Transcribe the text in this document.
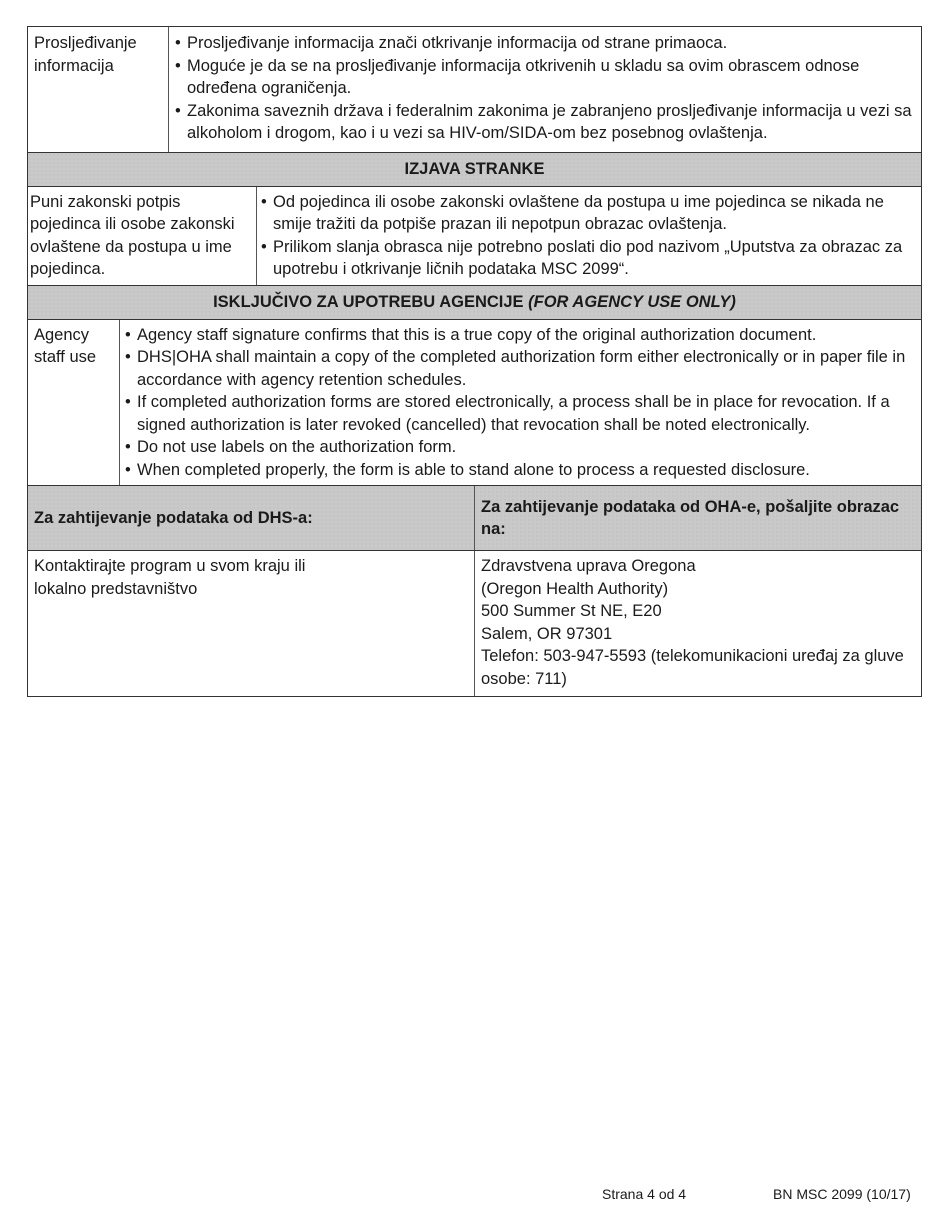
Prosljeđivanje informacija
• Prosljeđivanje informacija znači otkrivanje informacija od strane primaoca.
• Moguće je da se na prosljeđivanje informacija otkrivenih u skladu sa ovim obrascem odnose određena ograničenja.
• Zakonima saveznih država i federalnim zakonima je zabranjeno prosljeđivanje informacija u vezi sa alkoholom i drogom, kao i u vezi sa HIV-om/SIDA-om bez posebnog ovlaštenja.
IZJAVA STRANKE
Puni zakonski potpis pojedinca ili osobe zakonski ovlaštene da postupa u ime pojedinca.
• Od pojedinca ili osobe zakonski ovlaštene da postupa u ime pojedinca se nikada ne smije tražiti da potpiše prazan ili nepotpun obrazac ovlaštenja.
• Prilikom slanja obrasca nije potrebno poslati dio pod nazivom „Uputstva za obrazac za upotrebu i otkrivanje ličnih podataka MSC 2099“.
ISKLJUČIVO ZA UPOTREBU AGENCIJE (FOR AGENCY USE ONLY)
Agency staff use
• Agency staff signature confirms that this is a true copy of the original authorization document.
• DHS|OHA shall maintain a copy of the completed authorization form either electronically or in paper file in accordance with agency retention schedules.
• If completed authorization forms are stored electronically, a process shall be in place for revocation. If a signed authorization is later revoked (cancelled) that revocation shall be noted electronically.
• Do not use labels on the authorization form.
• When completed properly, the form is able to stand alone to process a requested disclosure.
Za zahtijevanje podataka od DHS-a:
Za zahtijevanje podataka od OHA-e, pošaljite obrazac na:
Kontaktirajte program u svom kraju ili lokalno predstavništvo
Zdravstvena uprava Oregona
(Oregon Health Authority)
500 Summer St NE, E20
Salem, OR 97301
Telefon: 503-947-5593 (telekomunikacioni uređaj za gluve osobe: 711)
Strana 4 od 4	BN MSC 2099 (10/17)
